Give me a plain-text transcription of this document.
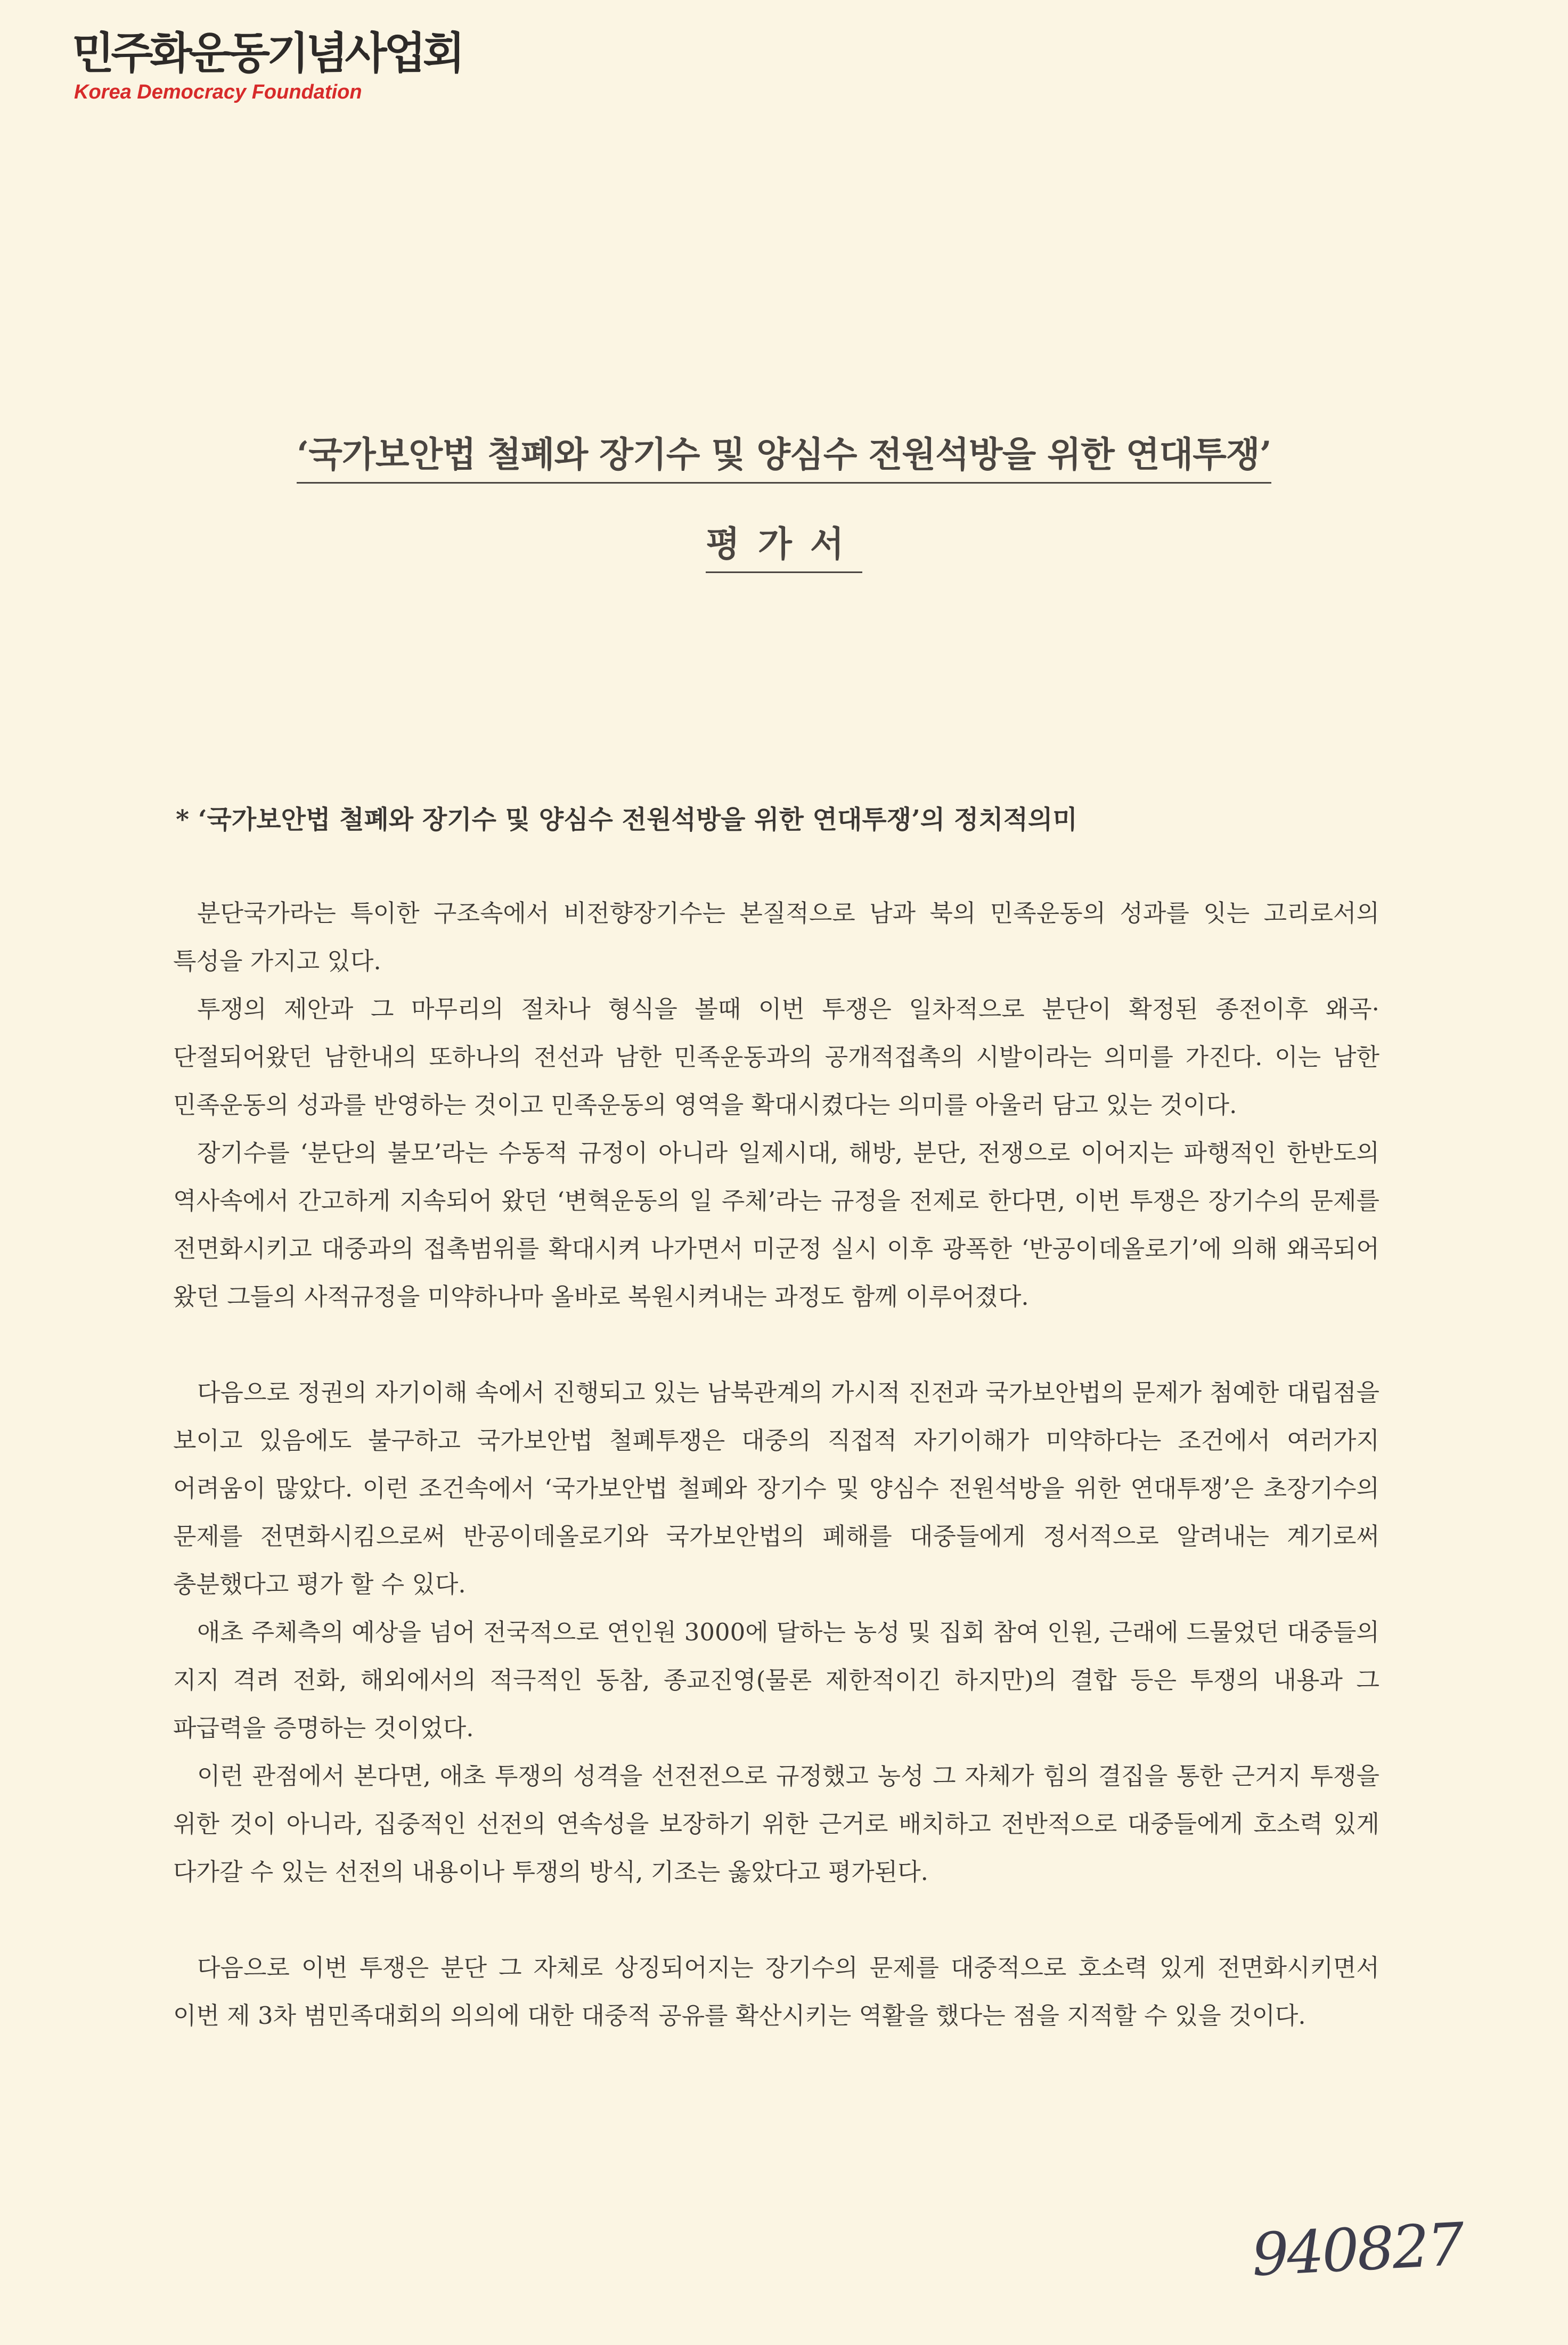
민주화운동기념사업회
Korea Democracy Foundation
‘국가보안법 철폐와 장기수 및 양심수 전원석방을 위한 연대투쟁’
평가서
* ‘국가보안법 철폐와 장기수 및 양심수 전원석방을 위한 연대투쟁’의 정치적의미

분단국가라는 특이한 구조속에서 비전향장기수는 본질적으로 남과 북의 민족운동의 성과를 잇는 고리로서의 특성을 가지고 있다.

투쟁의 제안과 그 마무리의 절차나 형식을 볼때 이번 투쟁은 일차적으로 분단이 확정된 종전이후 왜곡·단절되어왔던 남한내의 또하나의 전선과 남한 민족운동과의 공개적접촉의 시발이라는 의미를 가진다. 이는 남한 민족운동의 성과를 반영하는 것이고 민족운동의 영역을 확대시켰다는 의미를 아울러 담고 있는 것이다.

장기수를 ‘분단의 불모’라는 수동적 규정이 아니라 일제시대, 해방, 분단, 전쟁으로 이어지는 파행적인 한반도의 역사속에서 간고하게 지속되어 왔던 ‘변혁운동의 일 주체’라는 규정을 전제로 한다면, 이번 투쟁은 장기수의 문제를 전면화시키고 대중과의 접촉범위를 확대시켜 나가면서 미군정 실시 이후 광폭한 ‘반공이데올로기’에 의해 왜곡되어 왔던 그들의 사적규정을 미약하나마 올바로 복원시켜내는 과정도 함께 이루어졌다.

다음으로 정권의 자기이해 속에서 진행되고 있는 남북관계의 가시적 진전과 국가보안법의 문제가 첨예한 대립점을 보이고 있음에도 불구하고 국가보안법 철폐투쟁은 대중의 직접적 자기이해가 미약하다는 조건에서 여러가지 어려움이 많았다. 이런 조건속에서 ‘국가보안법 철폐와 장기수 및 양심수 전원석방을 위한 연대투쟁’은 초장기수의 문제를 전면화시킴으로써 반공이데올로기와 국가보안법의 폐해를 대중들에게 정서적으로 알려내는 계기로써 충분했다고 평가 할 수 있다.

애초 주체측의 예상을 넘어 전국적으로 연인원 3000에 달하는 농성 및 집회 참여 인원, 근래에 드물었던 대중들의 지지 격려 전화, 해외에서의 적극적인 동참, 종교진영(물론 제한적이긴 하지만)의 결합 등은 투쟁의 내용과 그 파급력을 증명하는 것이었다.

이런 관점에서 본다면, 애초 투쟁의 성격을 선전전으로 규정했고 농성 그 자체가 힘의 결집을 통한 근거지 투쟁을 위한 것이 아니라, 집중적인 선전의 연속성을 보장하기 위한 근거로 배치하고 전반적으로 대중들에게 호소력 있게 다가갈 수 있는 선전의 내용이나 투쟁의 방식, 기조는 옳았다고 평가된다.

다음으로 이번 투쟁은 분단 그 자체로 상징되어지는 장기수의 문제를 대중적으로 호소력 있게 전면화시키면서 이번 제 3차 범민족대회의 의의에 대한 대중적 공유를 확산시키는 역활을 했다는 점을 지적할 수 있을 것이다.

940827
